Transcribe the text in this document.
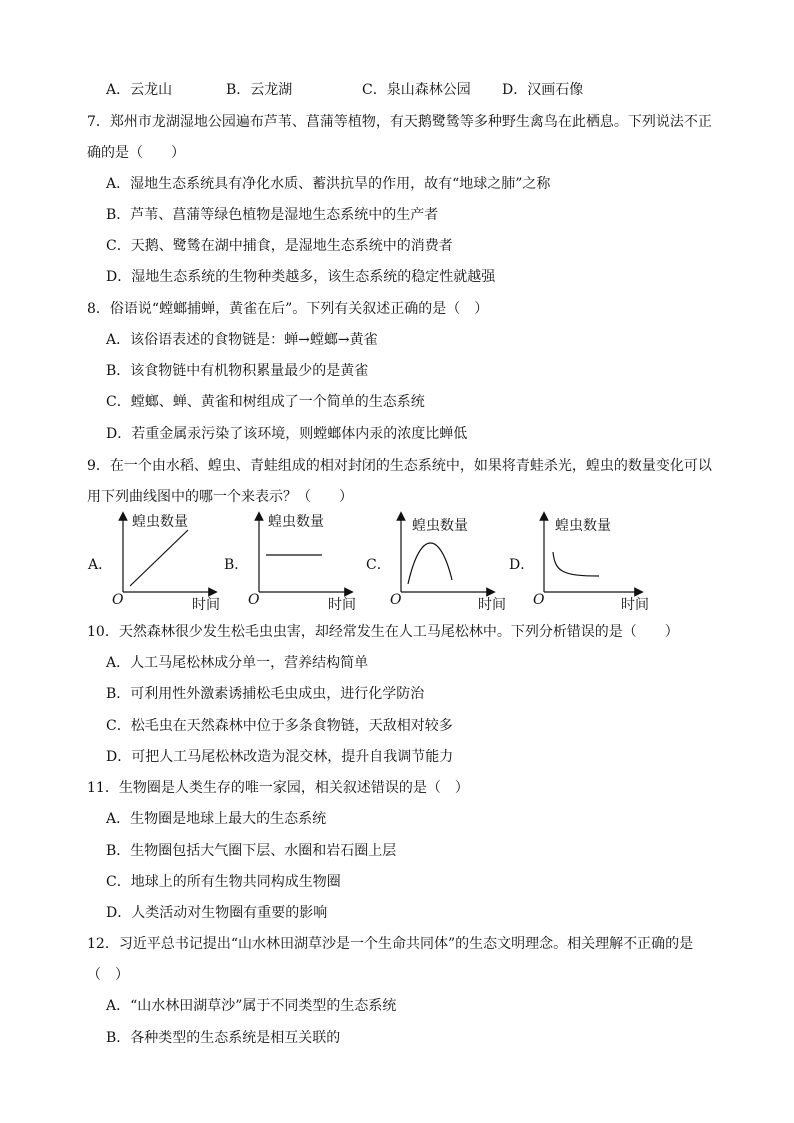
A．云龙山	B．云龙湖	C．泉山森林公园 D．汉画石像
7．郑州市龙湖湿地公园遍布芦苇、菖蒲等植物，有天鹅鹭鸶等多种野生禽鸟在此栖息。下列说法不正
确的是（　　）
A．湿地生态系统具有净化水质、蓄洪抗旱的作用，故有“地球之肺”之称
B．芦苇、菖蒲等绿色植物是湿地生态系统中的生产者
C．天鹅、鹭鸶在湖中捕食，是湿地生态系统中的消费者
D．湿地生态系统的生物种类越多，该生态系统的稳定性就越强
8．俗语说“螳螂捕蝉，黄雀在后”。下列有关叙述正确的是（　）
A．该俗语表述的食物链是：蝉→螳螂→黄雀
B．该食物链中有机物积累量最少的是黄雀
C．螳螂、蝉、黄雀和树组成了一个简单的生态系统
D．若重金属汞污染了该环境，则螳螂体内汞的浓度比蝉低
9．在一个由水稻、蝗虫、青蛙组成的相对封闭的生态系统中，如果将青蛙杀光，蝗虫的数量变化可以
用下列曲线图中的哪一个来表示？（　　）
A．
蝗虫数量
时间
O
B．
蝗虫数量
时间
O
C．
蝗虫数量
时间
O
D．
蝗虫数量
时间
O
10．天然森林很少发生松毛虫虫害，却经常发生在人工马尾松林中。下列分析错误的是（　　）
A．人工马尾松林成分单一，营养结构简单
B．可利用性外激素诱捕松毛虫成虫，进行化学防治
C．松毛虫在天然森林中位于多条食物链，天敌相对较多
D．可把人工马尾松林改造为混交林，提升自我调节能力
11．生物圈是人类生存的唯一家园，相关叙述错误的是（　）
A．生物圈是地球上最大的生态系统
B．生物圈包括大气圈下层、水圈和岩石圈上层
C．地球上的所有生物共同构成生物圈
D．人类活动对生物圈有重要的影响
12．习近平总书记提出“山水林田湖草沙是一个生命共同体”的生态文明理念。相关理解不正确的是
（　）
A．“山水林田湖草沙”属于不同类型的生态系统
B．各种类型的生态系统是相互关联的
